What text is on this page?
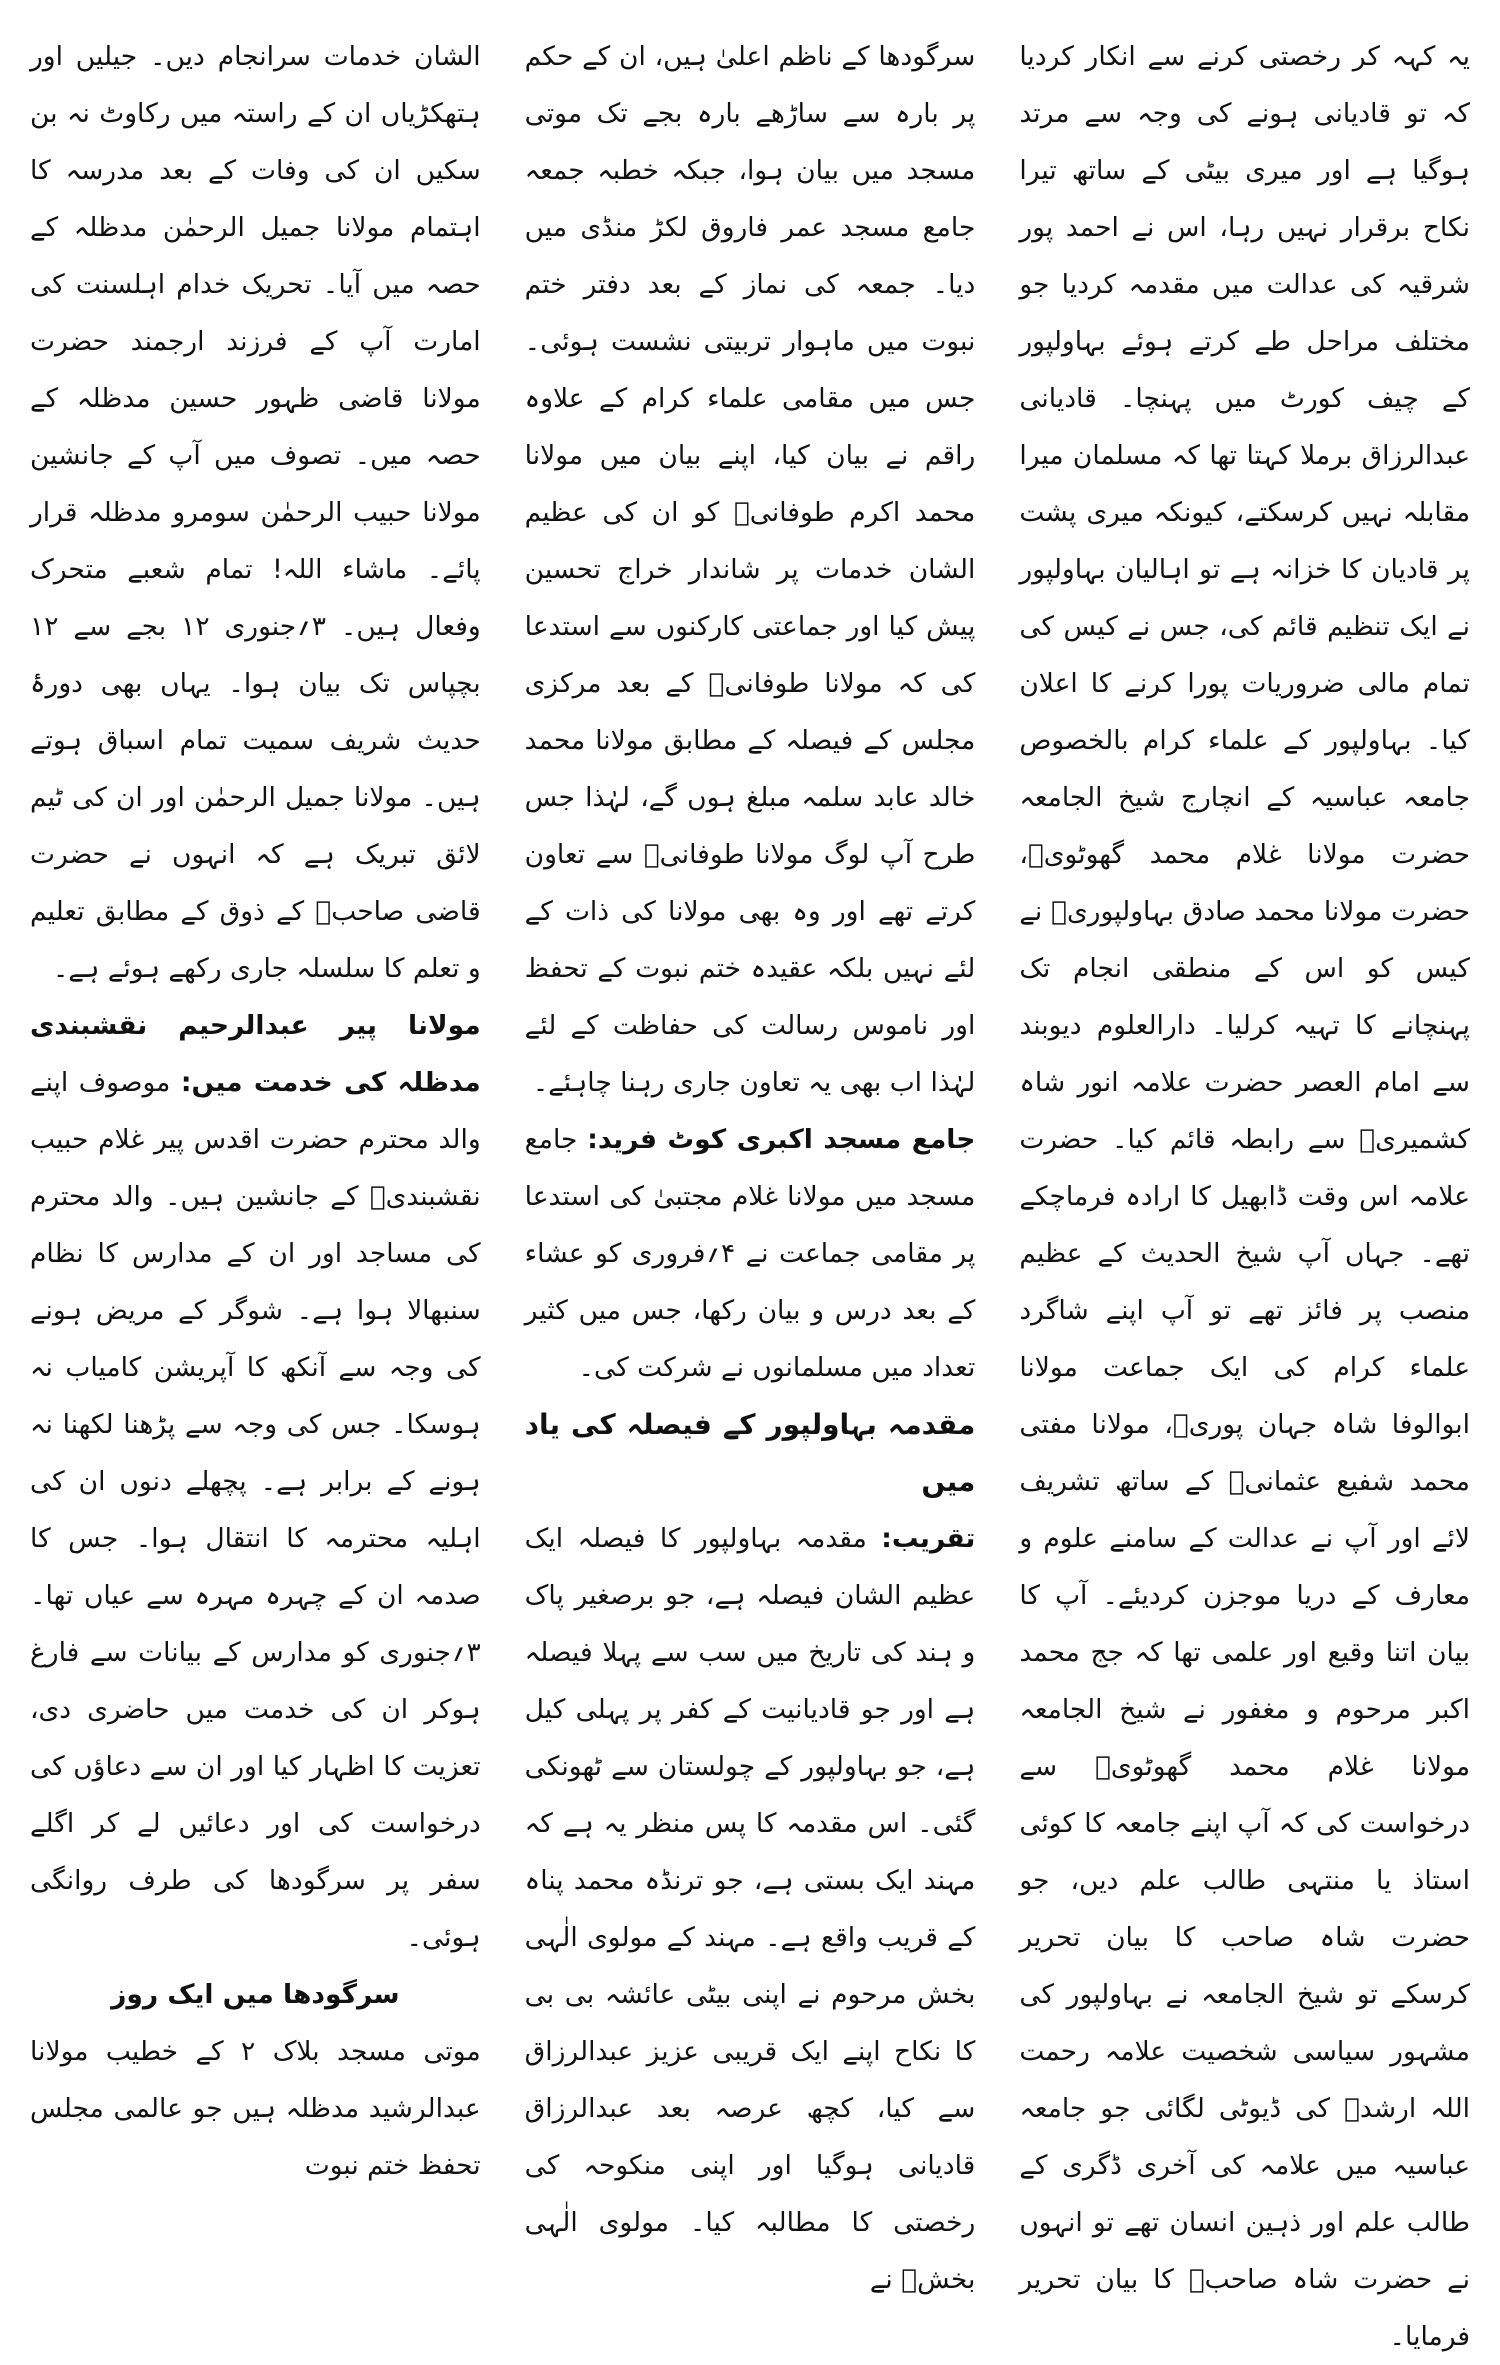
الشان خدمات سرانجام دیں۔ جیلیں اور ہتھکڑیاں ان کے راستہ میں رکاوٹ نہ بن سکیں ان کی وفات کے بعد مدرسہ کا اہتمام مولانا جمیل الرحمٰن مدظلہ کے حصہ میں آیا۔ تحریک خدام اہلسنت کی امارت آپ کے فرزند ارجمند حضرت مولانا قاضی ظہور حسین مدظلہ کے حصہ میں۔ تصوف میں آپ کے جانشین مولانا حبیب الرحمٰن سومرو مدظلہ قرار پائے۔ ماشاء اللہ! تمام شعبے متحرک وفعال ہیں۔ ۳؍جنوری ۱۲ بجے سے ۱۲ بچپاس تک بیان ہوا۔ یہاں بھی دورۂ حدیث شریف سمیت تمام اسباق ہوتے ہیں۔ مولانا جمیل الرحمٰن اور ان کی ٹیم لائق تبریک ہے کہ انہوں نے حضرت قاضی صاحبؒ کے ذوق کے مطابق تعلیم و تعلم کا سلسلہ جاری رکھے ہوئے ہے۔

مولانا پیر عبدالرحیم نقشبندی مدظلہ کی خدمت میں: موصوف اپنے والد محترم حضرت اقدس پیر غلام حبیب نقشبندیؒ کے جانشین ہیں۔ والد محترم کی مساجد اور ان کے مدارس کا نظام سنبھالا ہوا ہے۔ شوگر کے مریض ہونے کی وجہ سے آنکھ کا آپریشن کامیاب نہ ہوسکا۔ جس کی وجہ سے پڑھنا لکھنا نہ ہونے کے برابر ہے۔ پچھلے دنوں ان کی اہلیہ محترمہ کا انتقال ہوا۔ جس کا صدمہ ان کے چہرہ مہرہ سے عیاں تھا۔ ۳؍جنوری کو مدارس کے بیانات سے فارغ ہوکر ان کی خدمت میں حاضری دی، تعزیت کا اظہار کیا اور ان سے دعاؤں کی درخواست کی اور دعائیں لے کر اگلے سفر پر سرگودھا کی طرف روانگی ہوئی۔

سرگودھا میں ایک روز

موتی مسجد بلاک ۲ کے خطیب مولانا عبدالرشید مدظلہ ہیں جو عالمی مجلس تحفظ ختم نبوت

سرگودھا کے ناظم اعلیٰ ہیں، ان کے حکم پر بارہ سے ساڑھے بارہ بجے تک موتی مسجد میں بیان ہوا، جبکہ خطبہ جمعہ جامع مسجد عمر فاروق لکڑ منڈی میں دیا۔ جمعہ کی نماز کے بعد دفتر ختم نبوت میں ماہوار تربیتی نشست ہوئی۔ جس میں مقامی علماء کرام کے علاوہ راقم نے بیان کیا، اپنے بیان میں مولانا محمد اکرم طوفانیؒ کو ان کی عظیم الشان خدمات پر شاندار خراج تحسین پیش کیا اور جماعتی کارکنوں سے استدعا کی کہ مولانا طوفانیؒ کے بعد مرکزی مجلس کے فیصلہ کے مطابق مولانا محمد خالد عابد سلمہ مبلغ ہوں گے، لہٰذا جس طرح آپ لوگ مولانا طوفانیؒ سے تعاون کرتے تھے اور وہ بھی مولانا کی ذات کے لئے نہیں بلکہ عقیدہ ختم نبوت کے تحفظ اور ناموس رسالت کی حفاظت کے لئے لہٰذا اب بھی یہ تعاون جاری رہنا چاہئے۔

جامع مسجد اکبری کوٹ فرید: جامع مسجد میں مولانا غلام مجتبیٰ کی استدعا پر مقامی جماعت نے ۴؍فروری کو عشاء کے بعد درس و بیان رکھا، جس میں کثیر تعداد میں مسلمانوں نے شرکت کی۔

مقدمہ بہاولپور کے فیصلہ کی یاد میں

تقریب: مقدمہ بہاولپور کا فیصلہ ایک عظیم الشان فیصلہ ہے، جو برصغیر پاک و ہند کی تاریخ میں سب سے پہلا فیصلہ ہے اور جو قادیانیت کے کفر پر پہلی کیل ہے، جو بہاولپور کے چولستان سے ٹھونکی گئی۔ اس مقدمہ کا پس منظر یہ ہے کہ مہند ایک بستی ہے، جو ترنڈہ محمد پناہ کے قریب واقع ہے۔ مہند کے مولوی الٰہی بخش مرحوم نے اپنی بیٹی عائشہ بی بی کا نکاح اپنے ایک قریبی عزیز عبدالرزاق سے کیا، کچھ عرصہ بعد عبدالرزاق قادیانی ہوگیا اور اپنی منکوحہ کی رخصتی کا مطالبہ کیا۔ مولوی الٰہی بخشؒ نے

یہ کہہ کر رخصتی کرنے سے انکار کردیا کہ تو قادیانی ہونے کی وجہ سے مرتد ہوگیا ہے اور میری بیٹی کے ساتھ تیرا نکاح برقرار نہیں رہا، اس نے احمد پور شرقیہ کی عدالت میں مقدمہ کردیا جو مختلف مراحل طے کرتے ہوئے بہاولپور کے چیف کورٹ میں پہنچا۔ قادیانی عبدالرزاق برملا کہتا تھا کہ مسلمان میرا مقابلہ نہیں کرسکتے، کیونکہ میری پشت پر قادیان کا خزانہ ہے تو اہالیان بہاولپور نے ایک تنظیم قائم کی، جس نے کیس کی تمام مالی ضروریات پورا کرنے کا اعلان کیا۔ بہاولپور کے علماء کرام بالخصوص جامعہ عباسیہ کے انچارج شیخ الجامعہ حضرت مولانا غلام محمد گھوٹویؒ، حضرت مولانا محمد صادق بہاولپوریؒ نے کیس کو اس کے منطقی انجام تک پہنچانے کا تہیہ کرلیا۔ دارالعلوم دیوبند سے امام العصر حضرت علامہ انور شاہ کشمیریؒ سے رابطہ قائم کیا۔ حضرت علامہ اس وقت ڈابھیل کا ارادہ فرماچکے تھے۔ جہاں آپ شیخ الحدیث کے عظیم منصب پر فائز تھے تو آپ اپنے شاگرد علماء کرام کی ایک جماعت مولانا ابوالوفا شاہ جہان پوریؒ، مولانا مفتی محمد شفیع عثمانیؒ کے ساتھ تشریف لائے اور آپ نے عدالت کے سامنے علوم و معارف کے دریا موجزن کردیئے۔ آپ کا بیان اتنا وقیع اور علمی تھا کہ جج محمد اکبر مرحوم و مغفور نے شیخ الجامعہ مولانا غلام محمد گھوٹویؒ سے درخواست کی کہ آپ اپنے جامعہ کا کوئی استاذ یا منتہی طالب علم دیں، جو حضرت شاہ صاحب کا بیان تحریر کرسکے تو شیخ الجامعہ نے بہاولپور کی مشہور سیاسی شخصیت علامہ رحمت اللہ ارشدؒ کی ڈیوٹی لگائی جو جامعہ عباسیہ میں علامہ کی آخری ڈگری کے طالب علم اور ذہین انسان تھے تو انہوں نے حضرت شاہ صاحبؒ کا بیان تحریر فرمایا۔
